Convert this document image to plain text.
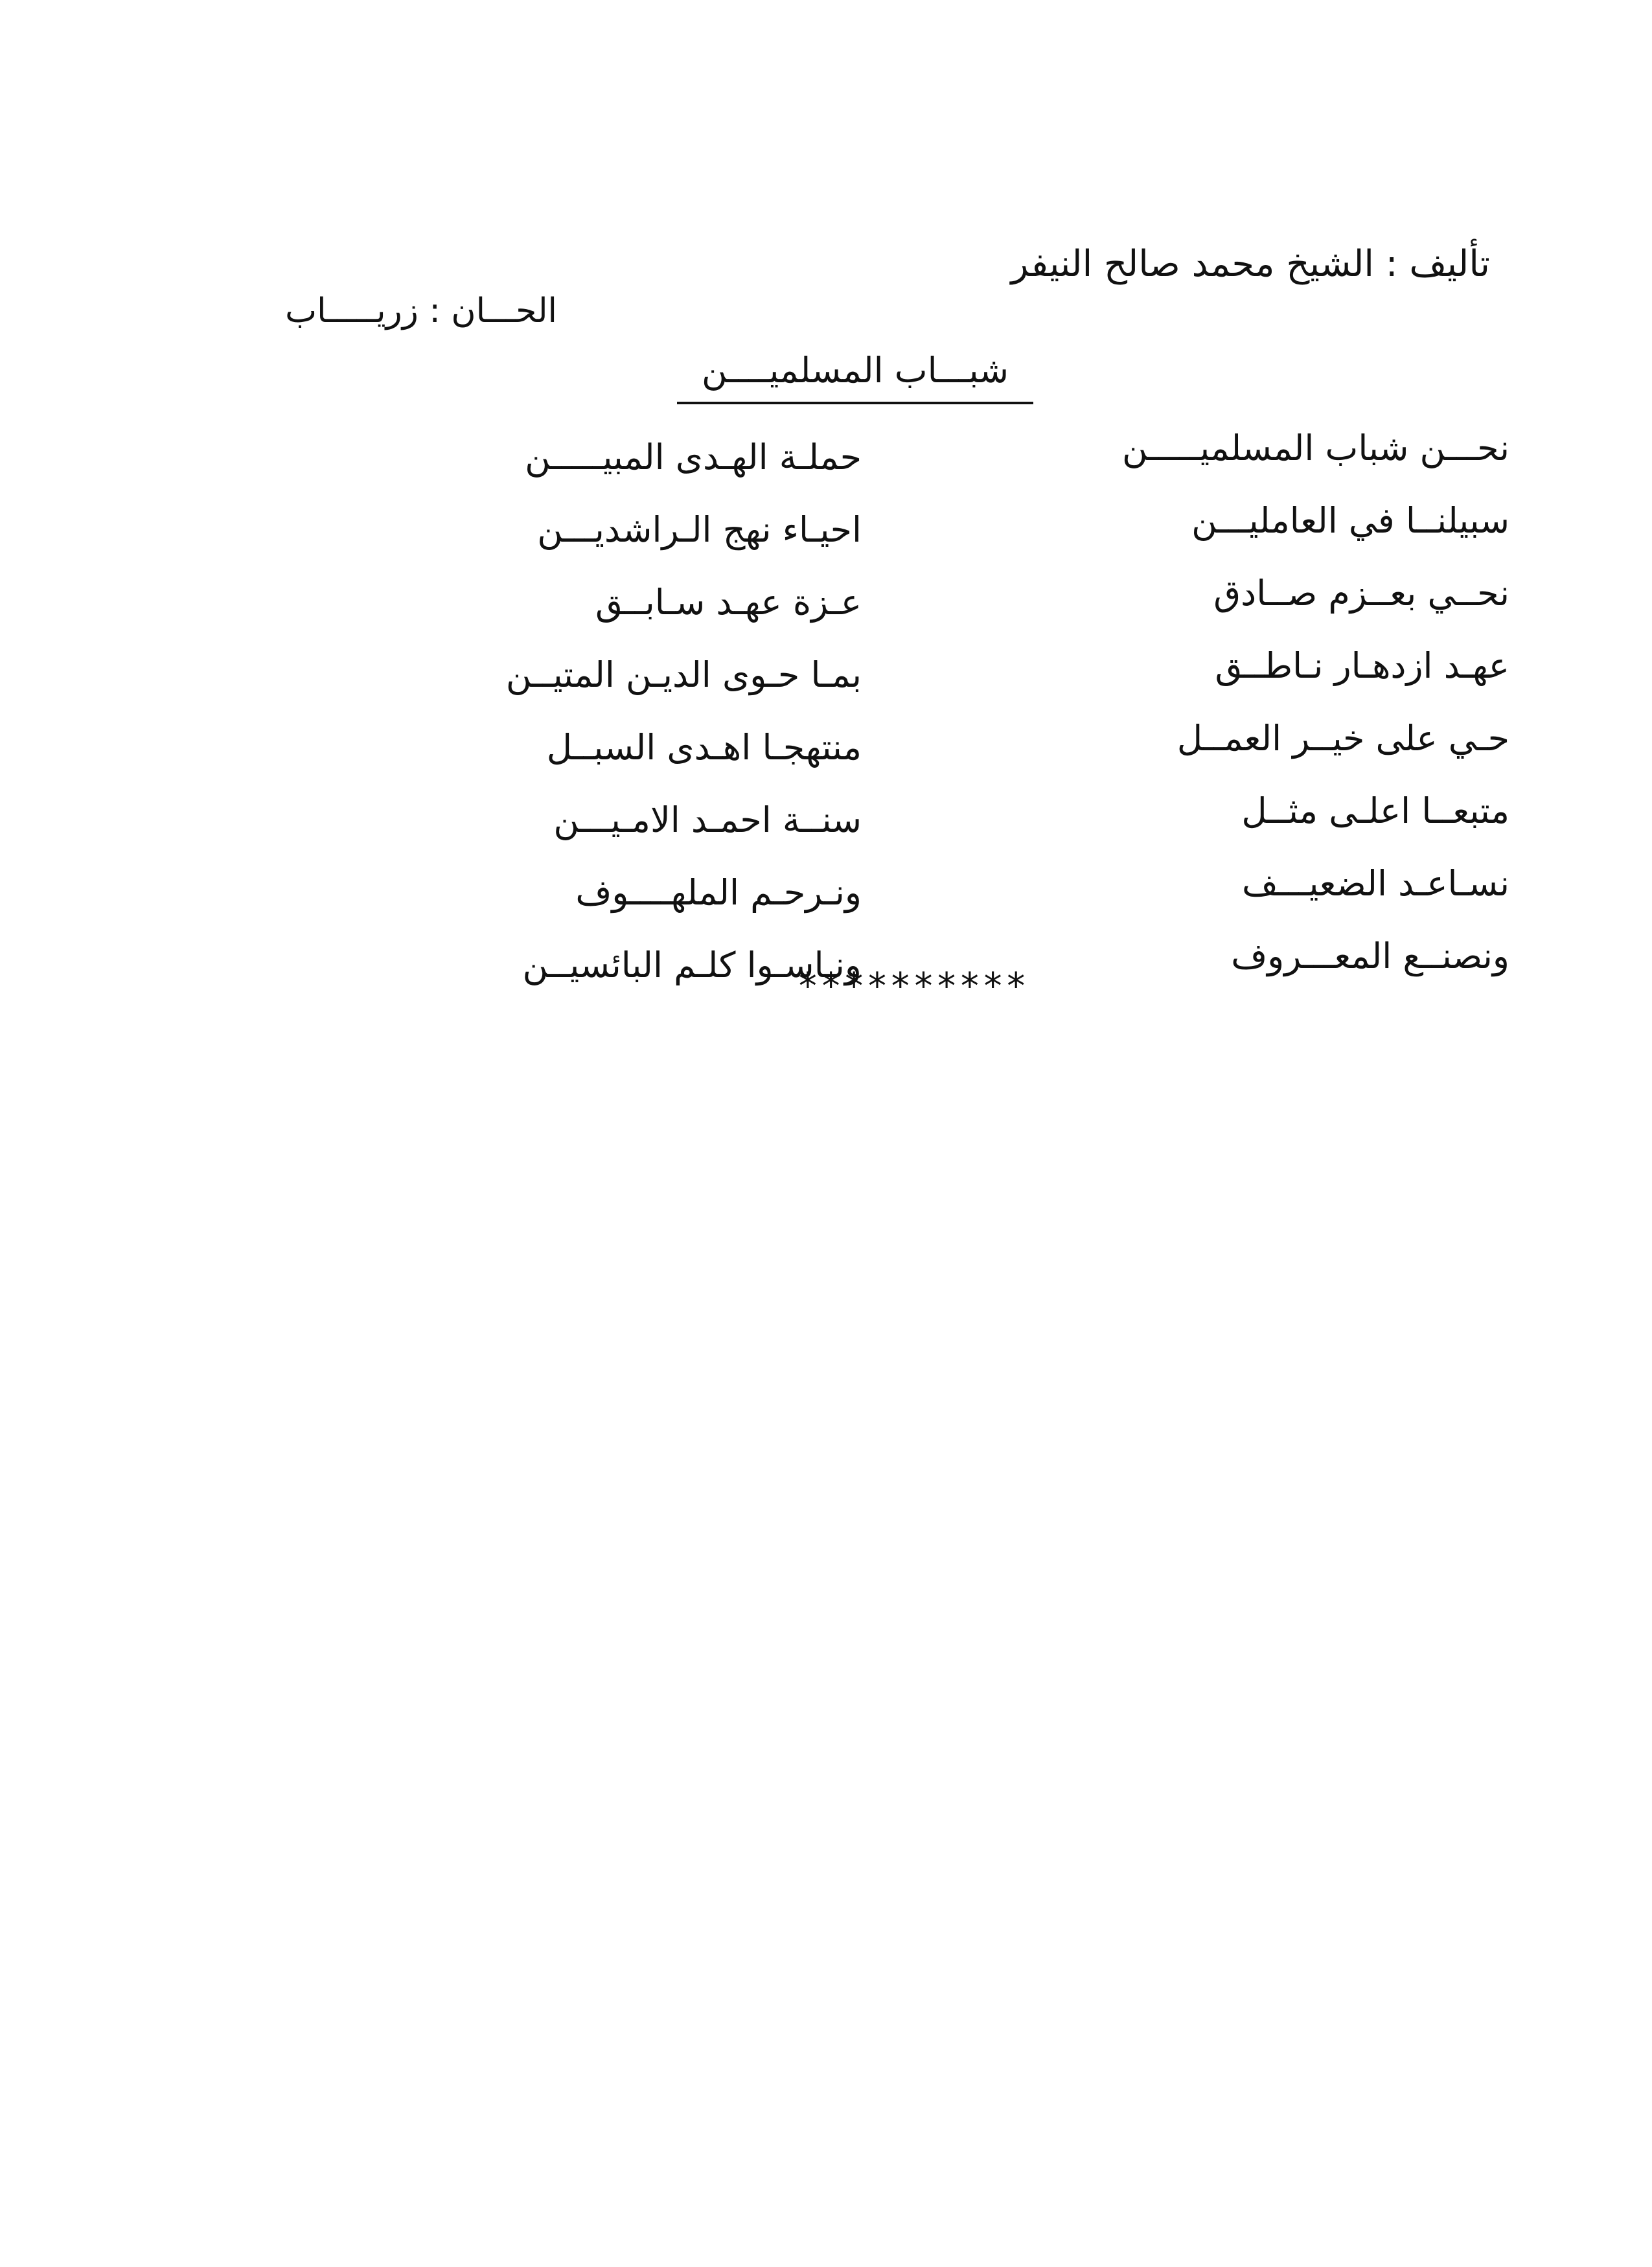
تأليف : الشيخ محمد صالح النيفر
الحـــان : زريـــــاب
شبـــاب المسلميــــن
نحـــن شباب المسلميـــــن
حملـة الهـدى المبيـــــن
سبيلنــا في العامليـــن
احيـاء نهج الـراشديـــن
نحــي بعــزم صــادق
عـزة عهـد سـابــق
عهـد ازدهـار نـاطــق
بمـا حـوى الديـن المتيــن
حـي على خيــر العمــل
منتهجـا اهـدى السبــل
متبعــا اعلـى مثــل
سنــة احمـد الامـيـــن
نسـاعـد الضعيـــف
ونـرحـم الملهــــوف
ونصنــع المعـــروف
ونـاسـوا كلـم البائسيــن
**********
